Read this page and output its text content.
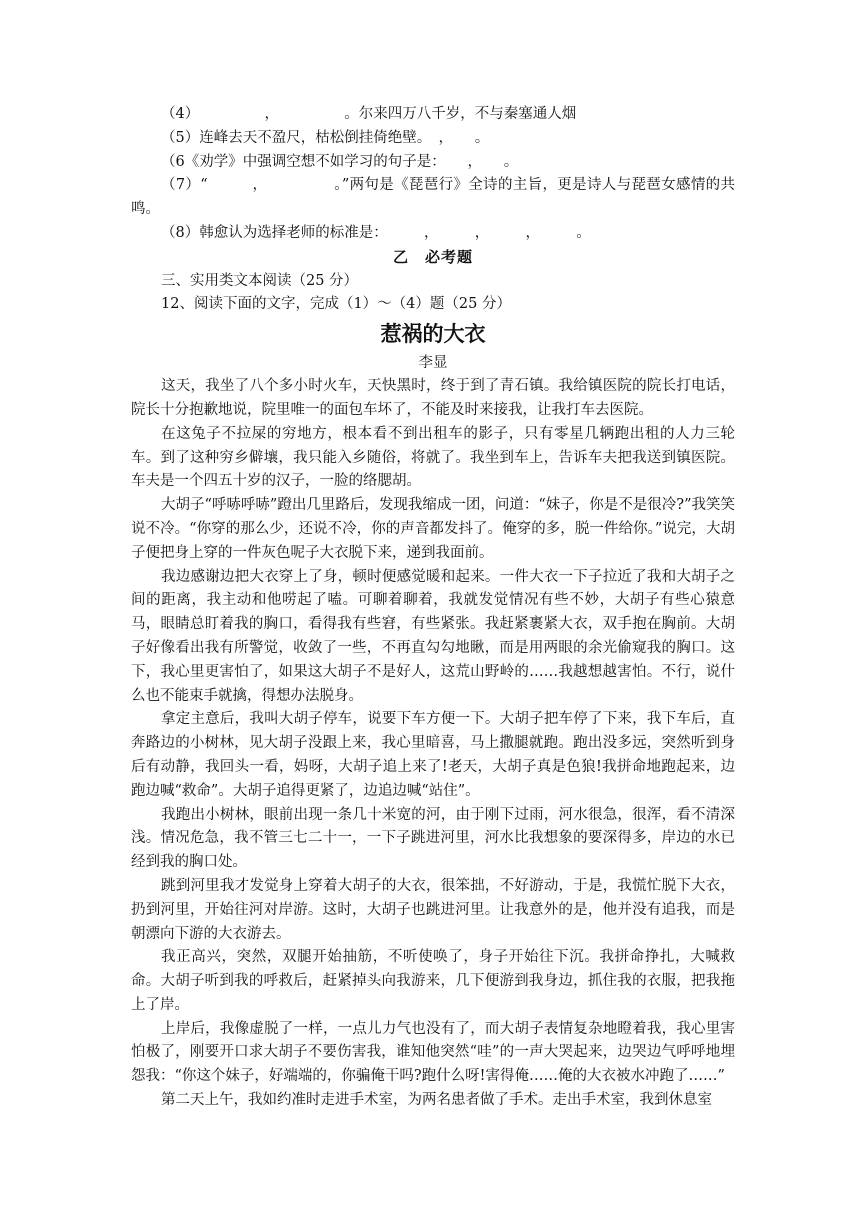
（4）　　　　　，　　　　　。尔来四万八千岁，不与秦塞通人烟

（5）连峰去天不盈尺，枯松倒挂倚绝壁。　，　　。

（6《劝学》中强调空想不如学习的句子是：　　，　　。

（7）“　　　，　　　　　。”两句是《琵琶行》全诗的主旨，更是诗人与琵琶女感情的共鸣。

（8）韩愈认为选择老师的标准是：　　　，　　　，　　　，　　　。

乙　必考题

三、实用类文本阅读（25 分）

12、阅读下面的文字，完成（1）～（4）题（25 分）

惹祸的大衣

李显

这天，我坐了八个多小时火车，天快黑时，终于到了青石镇。我给镇医院的院长打电话，院长十分抱歉地说，院里唯一的面包车坏了，不能及时来接我，让我打车去医院。

在这兔子不拉屎的穷地方，根本看不到出租车的影子，只有零星几辆跑出租的人力三轮车。到了这种穷乡僻壤，我只能入乡随俗，将就了。我坐到车上，告诉车夫把我送到镇医院。车夫是一个四五十岁的汉子，一脸的络腮胡。

大胡子“呼哧呼哧”蹬出几里路后，发现我缩成一团，问道：“妹子，你是不是很冷?”我笑笑说不冷。“你穿的那么少，还说不冷，你的声音都发抖了。俺穿的多，脱一件给你。”说完，大胡子便把身上穿的一件灰色呢子大衣脱下来，递到我面前。

我边感谢边把大衣穿上了身，顿时便感觉暖和起来。一件大衣一下子拉近了我和大胡子之间的距离，我主动和他唠起了嗑。可聊着聊着，我就发觉情况有些不妙，大胡子有些心猿意马，眼睛总盯着我的胸口，看得我有些窘，有些紧张。我赶紧裹紧大衣，双手抱在胸前。大胡子好像看出我有所警觉，收敛了一些，不再直勾勾地瞅，而是用两眼的余光偷窥我的胸口。这下，我心里更害怕了，如果这大胡子不是好人，这荒山野岭的……我越想越害怕。不行，说什么也不能束手就擒，得想办法脱身。

拿定主意后，我叫大胡子停车，说要下车方便一下。大胡子把车停了下来，我下车后，直奔路边的小树林，见大胡子没跟上来，我心里暗喜，马上撒腿就跑。跑出没多远，突然听到身后有动静，我回头一看，妈呀，大胡子追上来了!老天，大胡子真是色狼!我拼命地跑起来，边跑边喊“救命”。大胡子追得更紧了，边追边喊“站住”。

我跑出小树林，眼前出现一条几十米宽的河，由于刚下过雨，河水很急，很浑，看不清深浅。情况危急，我不管三七二十一，一下子跳进河里，河水比我想象的要深得多，岸边的水已经到我的胸口处。

跳到河里我才发觉身上穿着大胡子的大衣，很笨拙，不好游动，于是，我慌忙脱下大衣，扔到河里，开始往河对岸游。这时，大胡子也跳进河里。让我意外的是，他并没有追我，而是朝漂向下游的大衣游去。

我正高兴，突然，双腿开始抽筋，不听使唤了，身子开始往下沉。我拼命挣扎，大喊救命。大胡子听到我的呼救后，赶紧掉头向我游来，几下便游到我身边，抓住我的衣服，把我拖上了岸。

上岸后，我像虚脱了一样，一点儿力气也没有了，而大胡子表情复杂地瞪着我，我心里害怕极了，刚要开口求大胡子不要伤害我，谁知他突然“哇”的一声大哭起来，边哭边气呼呼地埋怨我：“你这个妹子，好端端的，你骗俺干吗?跑什么呀!害得俺……俺的大衣被水冲跑了……”

第二天上午，我如约准时走进手术室，为两名患者做了手术。走出手术室，我到休息室
